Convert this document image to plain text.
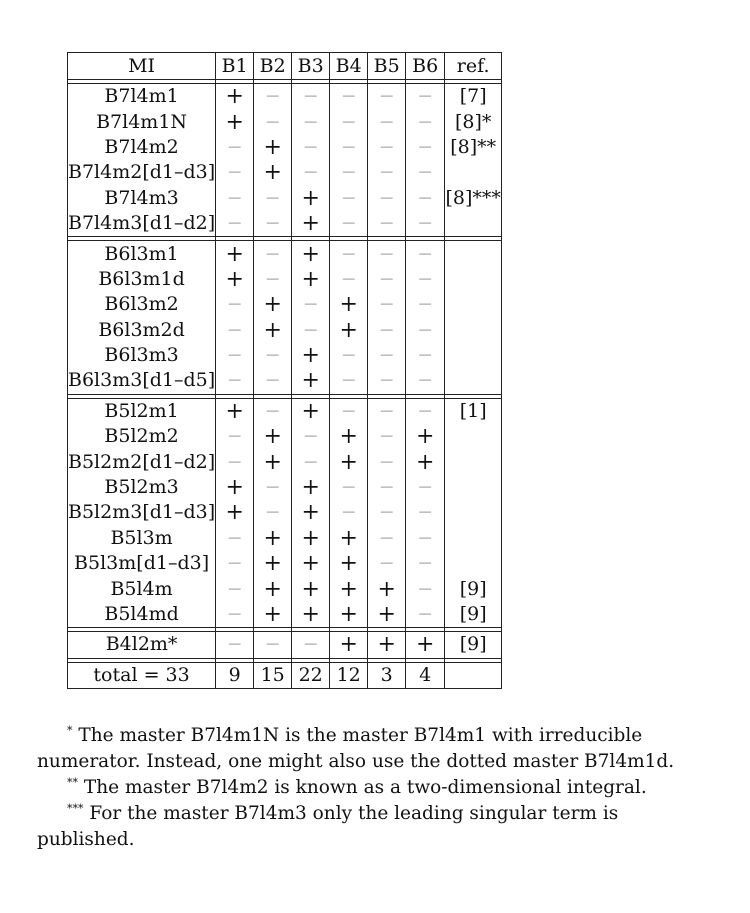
MI	B1	B2	B3	B4	B5	B6	ref.

B7l4m1	+	−	−	−	−	−	[7]
B7l4m1N	+	−	−	−	−	−	[8]*
B7l4m2	−	+	−	−	−	−	[8]**
B7l4m2[d1–d3]	−	+	−	−	−	−	
B7l4m3	−	−	+	−	−	−	[8]***
B7l4m3[d1–d2]	−	−	+	−	−	−	

B6l3m1	+	−	+	−	−	−	
B6l3m1d	+	−	+	−	−	−	
B6l3m2	−	+	−	+	−	−	
B6l3m2d	−	+	−	+	−	−	
B6l3m3	−	−	+	−	−	−	
B6l3m3[d1–d5]	−	−	+	−	−	−	

B5l2m1	+	−	+	−	−	−	[1]
B5l2m2	−	+	−	+	−	+	
B5l2m2[d1–d2]	−	+	−	+	−	+	
B5l2m3	+	−	+	−	−	−	
B5l2m3[d1–d3]	+	−	+	−	−	−	
B5l3m	−	+	+	+	−	−	
B5l3m[d1–d3]	−	+	+	+	−	−	
B5l4m	−	+	+	+	+	−	[9]
B5l4md	−	+	+	+	+	−	[9]

B4l2m*	−	−	−	+	+	+	[9]

total = 33	9	15	22	12	3	4	

* The master B7l4m1N is the master B7l4m1 with irreducible numerator. Instead, one might also use the dotted master B7l4m1d.

** The master B7l4m2 is known as a two-dimensional integral.

*** For the master B7l4m3 only the leading singular term is published.
